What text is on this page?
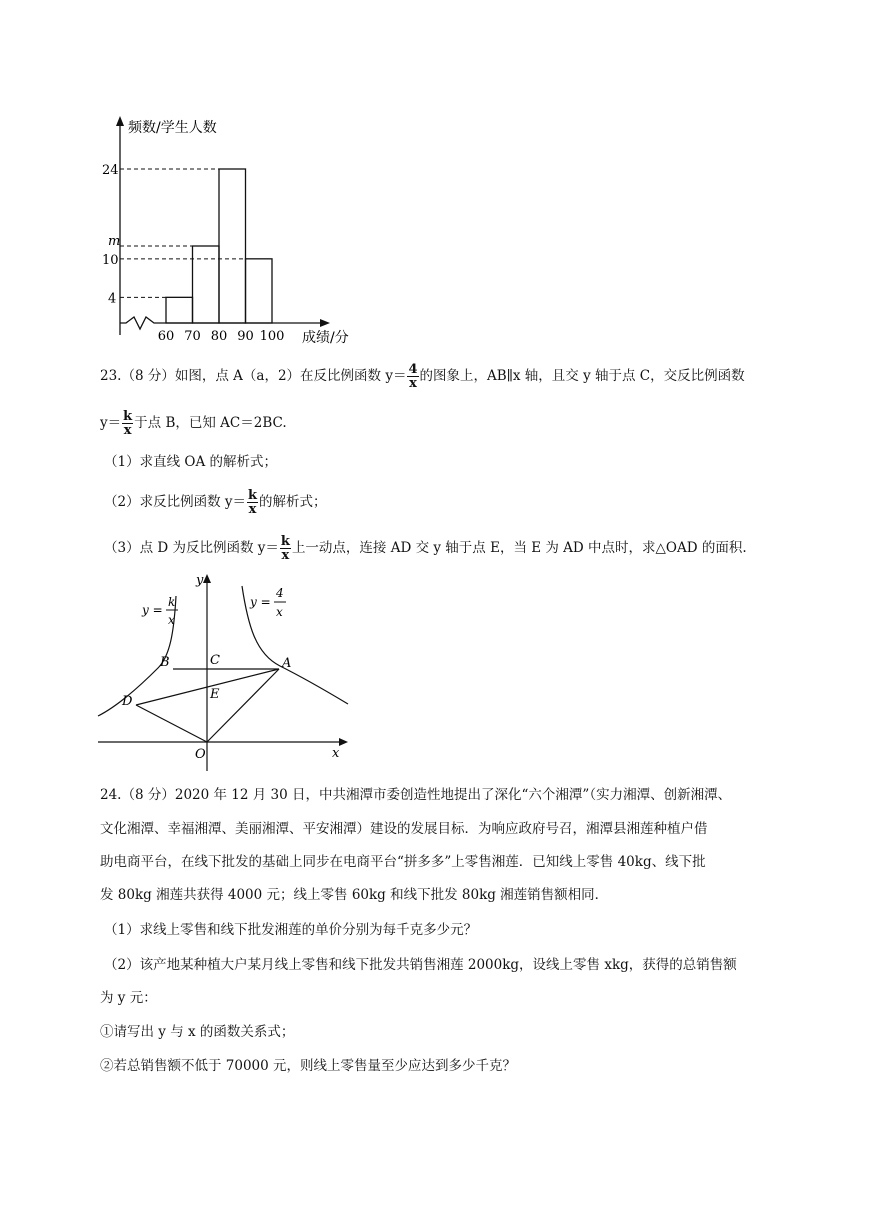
频数/学生人数
成绩/分
24
m
10
4
60 70 80 90 100
23.（8 分）如图，点 A（a，2）在反比例函数 $y= \frac{4}{x}$ 的图象上，AB∥x 轴，且交 y 轴于点 C，交反比例函数
$y= \frac{k}{x}$ 于点 B，已知 AC＝2BC.
（1）求直线 OA 的解析式；
（2）求反比例函数 $y= \frac{k}{x}$ 的解析式；
（3）点 D 为反比例函数 $y= \frac{k}{x}$ 上一动点，连接 AD 交 y 轴于点 E，当 E 为 AD 中点时，求△OAD 的面积.
A
B	C
D	E
O	x
y
y =
k
x
y =
4
x
24.（8 分）2020 年 12 月 30 日，中共湘潭市委创造性地提出了深化“六个湘潭”（实力湘潭、创新湘潭、
文化湘潭、幸福湘潭、美丽湘潭、平安湘潭）建设的发展目标．为响应政府号召，湘潭县湘莲种植户借
助电商平台，在线下批发的基础上同步在电商平台“拼多多”上零售湘莲．已知线上零售 40kg、线下批
发 80kg 湘莲共获得 4000 元；线上零售 60kg 和线下批发 80kg 湘莲销售额相同．
（1）求线上零售和线下批发湘莲的单价分别为每千克多少元？
（2）该产地某种植大户某月线上零售和线下批发共销售湘莲 2000kg，设线上零售 xkg，获得的总销售额
为 y 元：
①请写出 y 与 x 的函数关系式；
②若总销售额不低于 70000 元，则线上零售量至少应达到多少千克？
